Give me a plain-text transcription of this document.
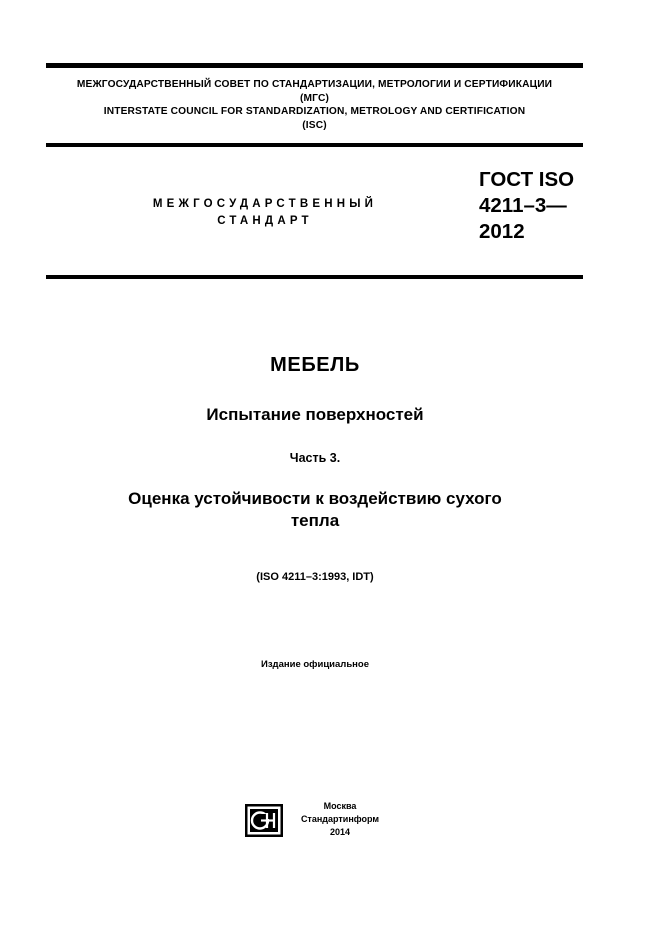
МЕЖГОСУДАРСТВЕННЫЙ СОВЕТ ПО СТАНДАРТИЗАЦИИ, МЕТРОЛОГИИ И СЕРТИФИКАЦИИ
(МГС)
INTERSTATE COUNCIL FOR STANDARDIZATION, METROLOGY AND CERTIFICATION
(ISC)
МЕЖГОСУДАРСТВЕННЫЙ
СТАНДАРТ
ГОСТ ISO
4211–3—
2012
МЕБЕЛЬ
Испытание поверхностей
Часть 3.
Оценка устойчивости к воздействию сухого
тепла
(ISO 4211–3:1993, IDT)
Издание официальное
Москва
Стандартинформ
2014
